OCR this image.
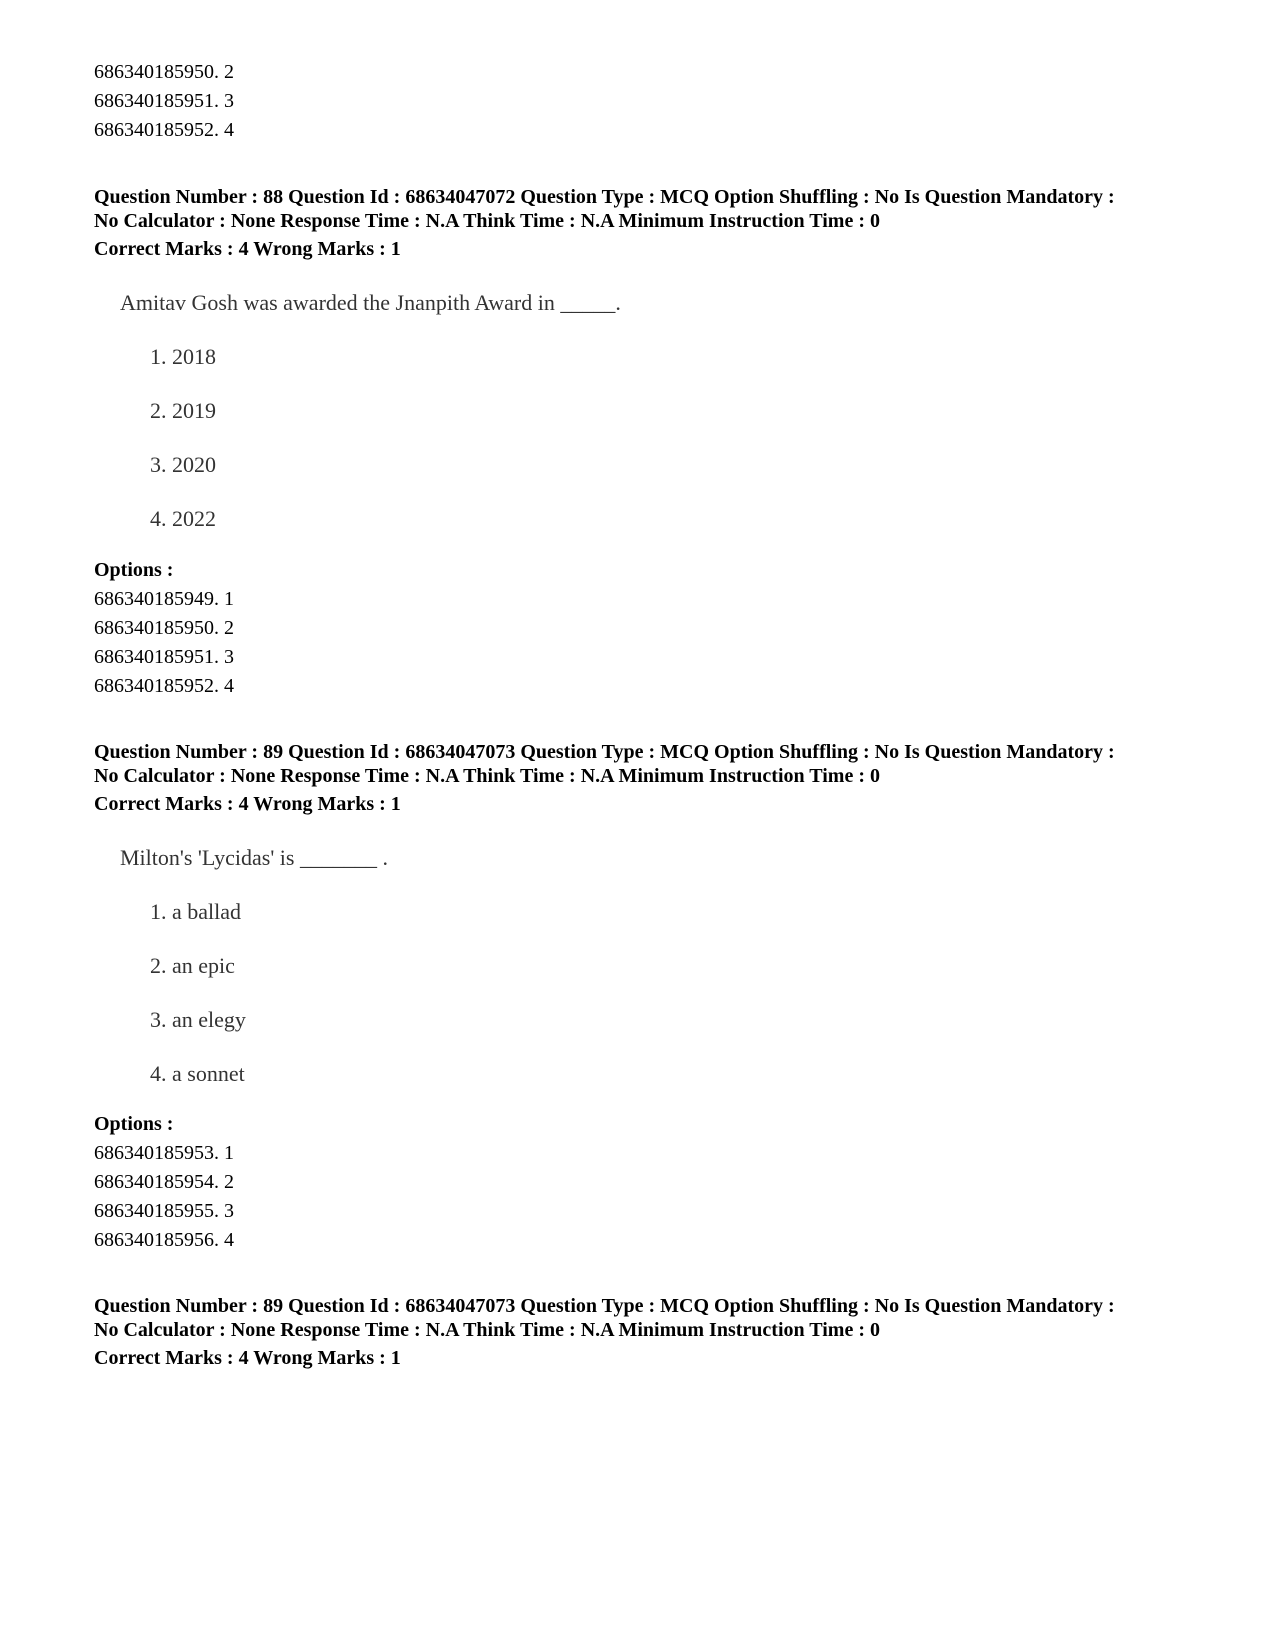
686340185950. 2
686340185951. 3
686340185952. 4
Question Number : 88 Question Id : 68634047072 Question Type : MCQ Option Shuffling : No Is Question Mandatory :
No Calculator : None Response Time : N.A Think Time : N.A Minimum Instruction Time : 0
Correct Marks : 4 Wrong Marks : 1
Amitav Gosh was awarded the Jnanpith Award in _____.
1. 2018
2. 2019
3. 2020
4. 2022
Options :
686340185949. 1
686340185950. 2
686340185951. 3
686340185952. 4
Question Number : 89 Question Id : 68634047073 Question Type : MCQ Option Shuffling : No Is Question Mandatory :
No Calculator : None Response Time : N.A Think Time : N.A Minimum Instruction Time : 0
Correct Marks : 4 Wrong Marks : 1
Milton's 'Lycidas' is _______ .
1. a ballad
2. an epic
3. an elegy
4. a sonnet
Options :
686340185953. 1
686340185954. 2
686340185955. 3
686340185956. 4
Question Number : 89 Question Id : 68634047073 Question Type : MCQ Option Shuffling : No Is Question Mandatory :
No Calculator : None Response Time : N.A Think Time : N.A Minimum Instruction Time : 0
Correct Marks : 4 Wrong Marks : 1
